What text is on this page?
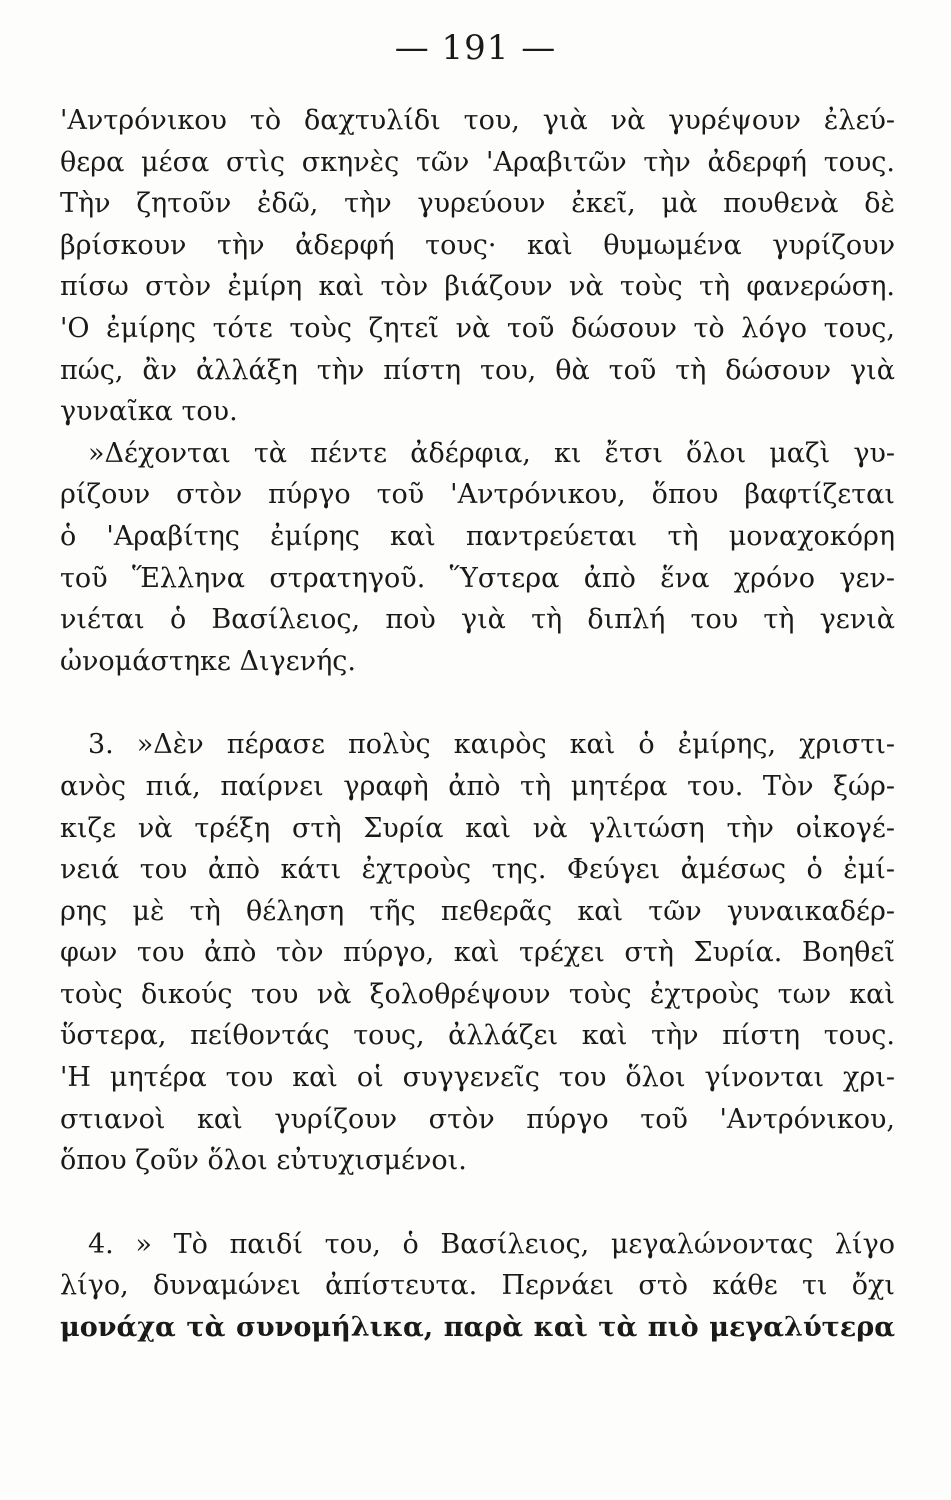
— 191 —
'Αντρόνικου τὸ δαχτυλίδι του, γιὰ νὰ γυρέψουν ἐλεύ-
θερα μέσα στὶς σκηνὲς τῶν 'Αραβιτῶν τὴν ἀδερφή τους.
Τὴν ζητοῦν ἐδῶ, τὴν γυρεύουν ἐκεῖ, μὰ πουθενὰ δὲ
βρίσκουν τὴν ἀδερφή τους· καὶ θυμωμένα γυρίζουν
πίσω στὸν ἐμίρη καὶ τὸν βιάζουν νὰ τοὺς τὴ φανερώση.
'Ο ἐμίρης τότε τοὺς ζητεῖ νὰ τοῦ δώσουν τὸ λόγο τους,
πώς, ἂν ἀλλάξη τὴν πίστη του, θὰ τοῦ τὴ δώσουν γιὰ
γυναῖκα του.
»Δέχονται τὰ πέντε ἀδέρφια, κι ἔτσι ὅλοι μαζὶ γυ-
ρίζουν στὸν πύργο τοῦ 'Αντρόνικου, ὅπου βαφτίζεται
ὁ 'Αραβίτης ἐμίρης καὶ παντρεύεται τὴ μοναχοκόρη
τοῦ Ἕλληνα στρατηγοῦ. Ὕστερα ἀπὸ ἕνα χρόνο γεν-
νιέται ὁ Βασίλειος, ποὺ γιὰ τὴ διπλή του τὴ γενιὰ
ὠνομάστηκε Διγενής.
3. »Δὲν πέρασε πολὺς καιρὸς καὶ ὁ ἐμίρης, χριστι-
ανὸς πιά, παίρνει γραφὴ ἀπὸ τὴ μητέρα του. Τὸν ξώρ-
κιζε νὰ τρέξη στὴ Συρία καὶ νὰ γλιτώση τὴν οἰκογέ-
νειά του ἀπὸ κάτι ἐχτροὺς της. Φεύγει ἀμέσως ὁ ἐμί-
ρης μὲ τὴ θέληση τῆς πεθερᾶς καὶ τῶν γυναικαδέρ-
φων του ἀπὸ τὸν πύργο, καὶ τρέχει στὴ Συρία. Βοηθεῖ
τοὺς δικούς του νὰ ξολοθρέψουν τοὺς ἐχτροὺς των καὶ
ὕστερα, πείθοντάς τους, ἀλλάζει καὶ τὴν πίστη τους.
'Η μητέρα του καὶ οἱ συγγενεῖς του ὅλοι γίνονται χρι-
στιανοὶ καὶ γυρίζουν στὸν πύργο τοῦ 'Αντρόνικου,
ὅπου ζοῦν ὅλοι εὐτυχισμένοι.
4. » Τὸ παιδί του, ὁ Βασίλειος, μεγαλώνοντας λίγο
λίγο, δυναμώνει ἀπίστευτα. Περνάει στὸ κάθε τι ὄχι
μονάχα τὰ συνομήλικα, παρὰ καὶ τὰ πιὸ μεγαλύτερα
